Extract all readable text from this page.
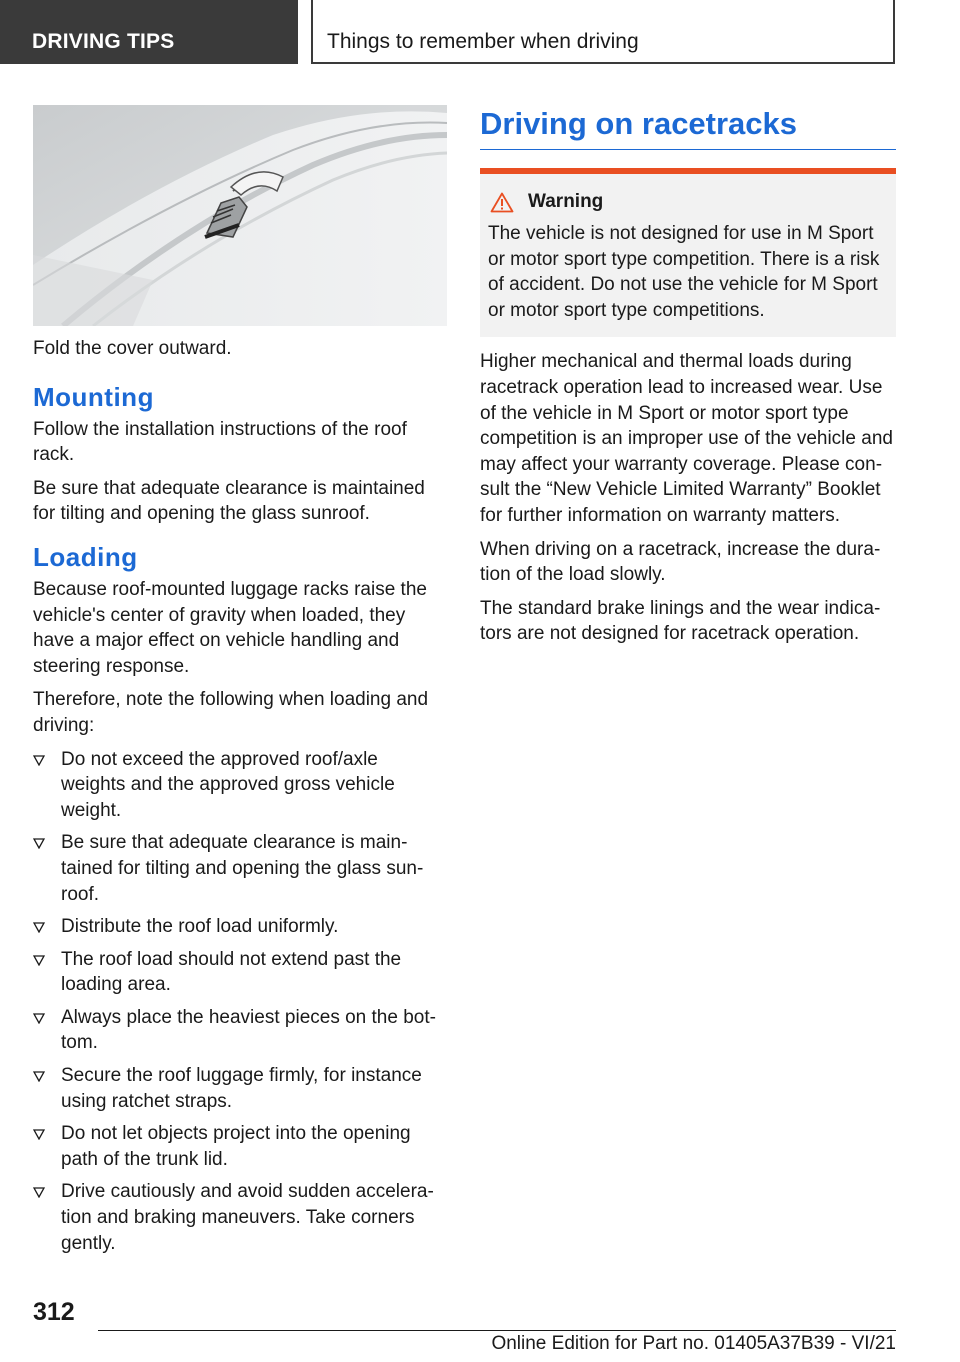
DRIVING TIPS	Things to remember when driving

Fold the cover outward.

Mounting

Follow the installation instructions of the roof rack.

Be sure that adequate clearance is maintained for tilting and opening the glass sunroof.

Loading

Because roof-mounted luggage racks raise the vehicle's center of gravity when loaded, they have a major effect on vehicle handling and steering response.

Therefore, note the following when loading and driving:

Do not exceed the approved roof/axle weights and the approved gross vehicle weight.
Be sure that adequate clearance is maintained for tilting and opening the glass sunroof.
Distribute the roof load uniformly.
The roof load should not extend past the loading area.
Always place the heaviest pieces on the bottom.
Secure the roof luggage firmly, for instance using ratchet straps.
Do not let objects project into the opening path of the trunk lid.
Drive cautiously and avoid sudden acceleration and braking maneuvers. Take corners gently.
Driving on racetracks
Warning

The vehicle is not designed for use in M Sport or motor sport type competition. There is a risk of accident. Do not use the vehicle for M Sport or motor sport type competitions.

Higher mechanical and thermal loads during racetrack operation lead to increased wear. Use of the vehicle in M Sport or motor sport type competition is an improper use of the vehicle and may affect your warranty coverage. Please consult the “New Vehicle Limited Warranty” Booklet for further information on warranty matters.

When driving on a racetrack, increase the duration of the load slowly.

The standard brake linings and the wear indicators are not designed for racetrack operation.

312
Online Edition for Part no. 01405A37B39 - VI/21
